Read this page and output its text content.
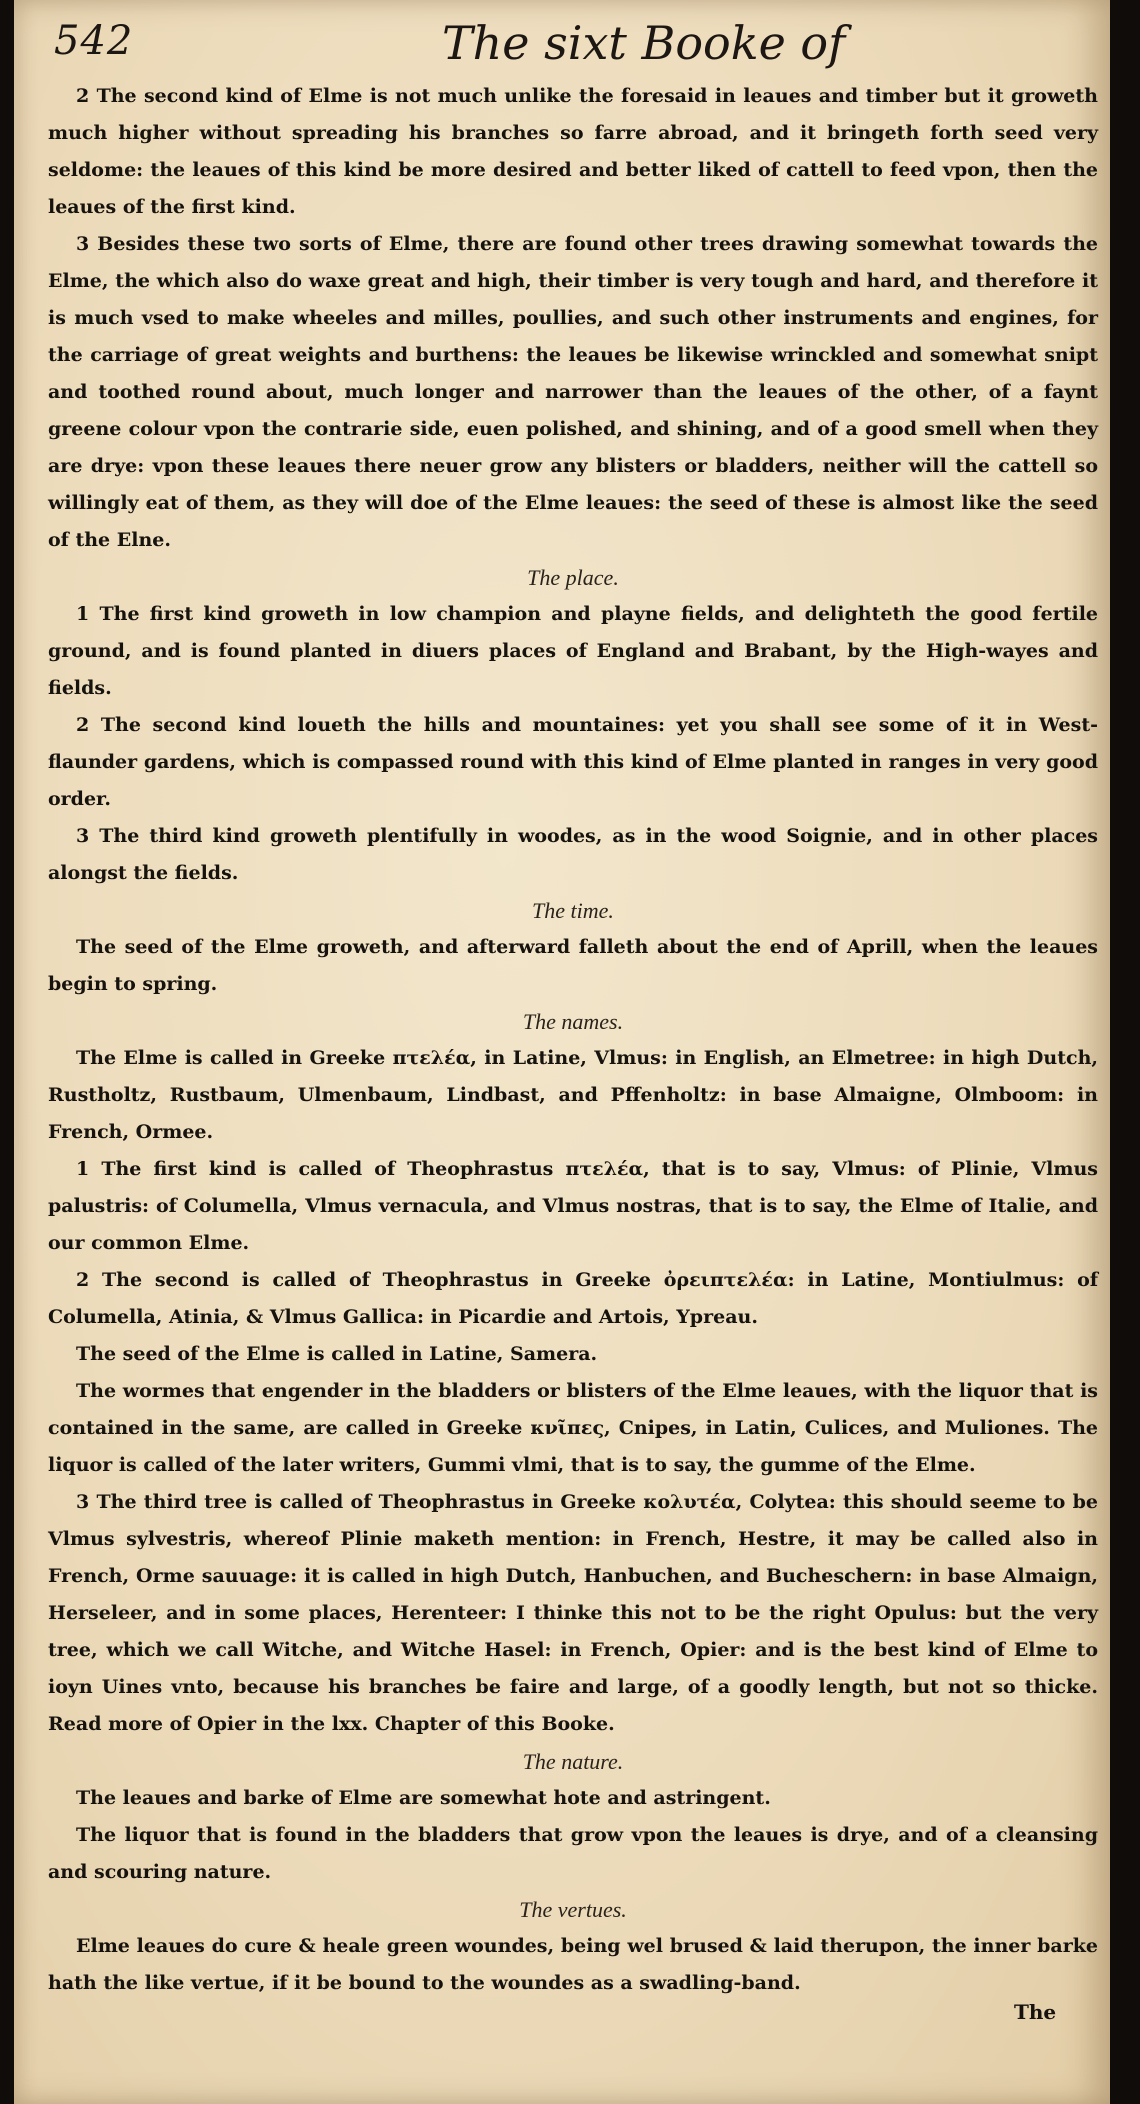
542	The sixt Booke of

2 The second kind of Elme is not much unlike the foresaid in leaues and timber but it groweth much higher without spreading his branches so farre abroad, and it bringeth forth seed very seldome: the leaues of this kind be more desired and better liked of cattell to feed vpon, then the leaues of the first kind.

3 Besides these two sorts of Elme, there are found other trees drawing somewhat towards the Elme, the which also do waxe great and high, their timber is very tough and hard, and therefore it is much vsed to make wheeles and milles, poullies, and such other instruments and engines, for the carriage of great weights and burthens: the leaues be likewise wrinckled and somewhat snipt and toothed round about, much longer and narrower than the leaues of the other, of a faynt greene colour vpon the contrarie side, euen polished, and shining, and of a good smell when they are drye: vpon these leaues there neuer grow any blisters or bladders, neither will the cattell so willingly eat of them, as they will doe of the Elme leaues: the seed of these is almost like the seed of the Elne.

The place.

1 The first kind groweth in low champion and playne fields, and delighteth the good fertile ground, and is found planted in diuers places of England and Brabant, by the High-wayes and fields.

2 The second kind loueth the hills and mountaines: yet you shall see some of it in West-flaunder gardens, which is compassed round with this kind of Elme planted in ranges in very good order.

3 The third kind groweth plentifully in woodes, as in the wood Soignie, and in other places alongst the fields.

The time.

The seed of the Elme groweth, and afterward falleth about the end of Aprill, when the leaues begin to spring.

The names.

The Elme is called in Greeke πτελέα, in Latine, Vlmus: in English, an Elmetree: in high Dutch, Rustholtz, Rustbaum, Ulmenbaum, Lindbast, and Pffenholtz: in base Almaigne, Olmboom: in French, Ormee.

1 The first kind is called of Theophrastus πτελέα, that is to say, Vlmus: of Plinie, Vlmus palustris: of Columella, Vlmus vernacula, and Vlmus nostras, that is to say, the Elme of Italie, and our common Elme.

2 The second is called of Theophrastus in Greeke ὀρειπτελέα: in Latine, Montiulmus: of Columella, Atinia, & Vlmus Gallica: in Picardie and Artois, Ypreau.

The seed of the Elme is called in Latine, Samera.

The wormes that engender in the bladders or blisters of the Elme leaues, with the liquor that is contained in the same, are called in Greeke κνῖπες, Cnipes, in Latin, Culices, and Muliones. The liquor is called of the later writers, Gummi vlmi, that is to say, the gumme of the Elme.

3 The third tree is called of Theophrastus in Greeke κολυτέα, Colytea: this should seeme to be Vlmus sylvestris, whereof Plinie maketh mention: in French, Hestre, it may be called also in French, Orme sauuage: it is called in high Dutch, Hanbuchen, and Bucheschern: in base Almaign, Herseleer, and in some places, Herenteer: I thinke this not to be the right Opulus: but the very tree, which we call Witche, and Witche Hasel: in French, Opier: and is the best kind of Elme to ioyn Uines vnto, because his branches be faire and large, of a goodly length, but not so thicke. Read more of Opier in the lxx. Chapter of this Booke.

The nature.

The leaues and barke of Elme are somewhat hote and astringent.

The liquor that is found in the bladders that grow vpon the leaues is drye, and of a cleansing and scouring nature.

The vertues.

Elme leaues do cure & heale green woundes, being wel brused & laid therupon, the inner barke hath the like vertue, if it be bound to the woundes as a swadling-band.

The
